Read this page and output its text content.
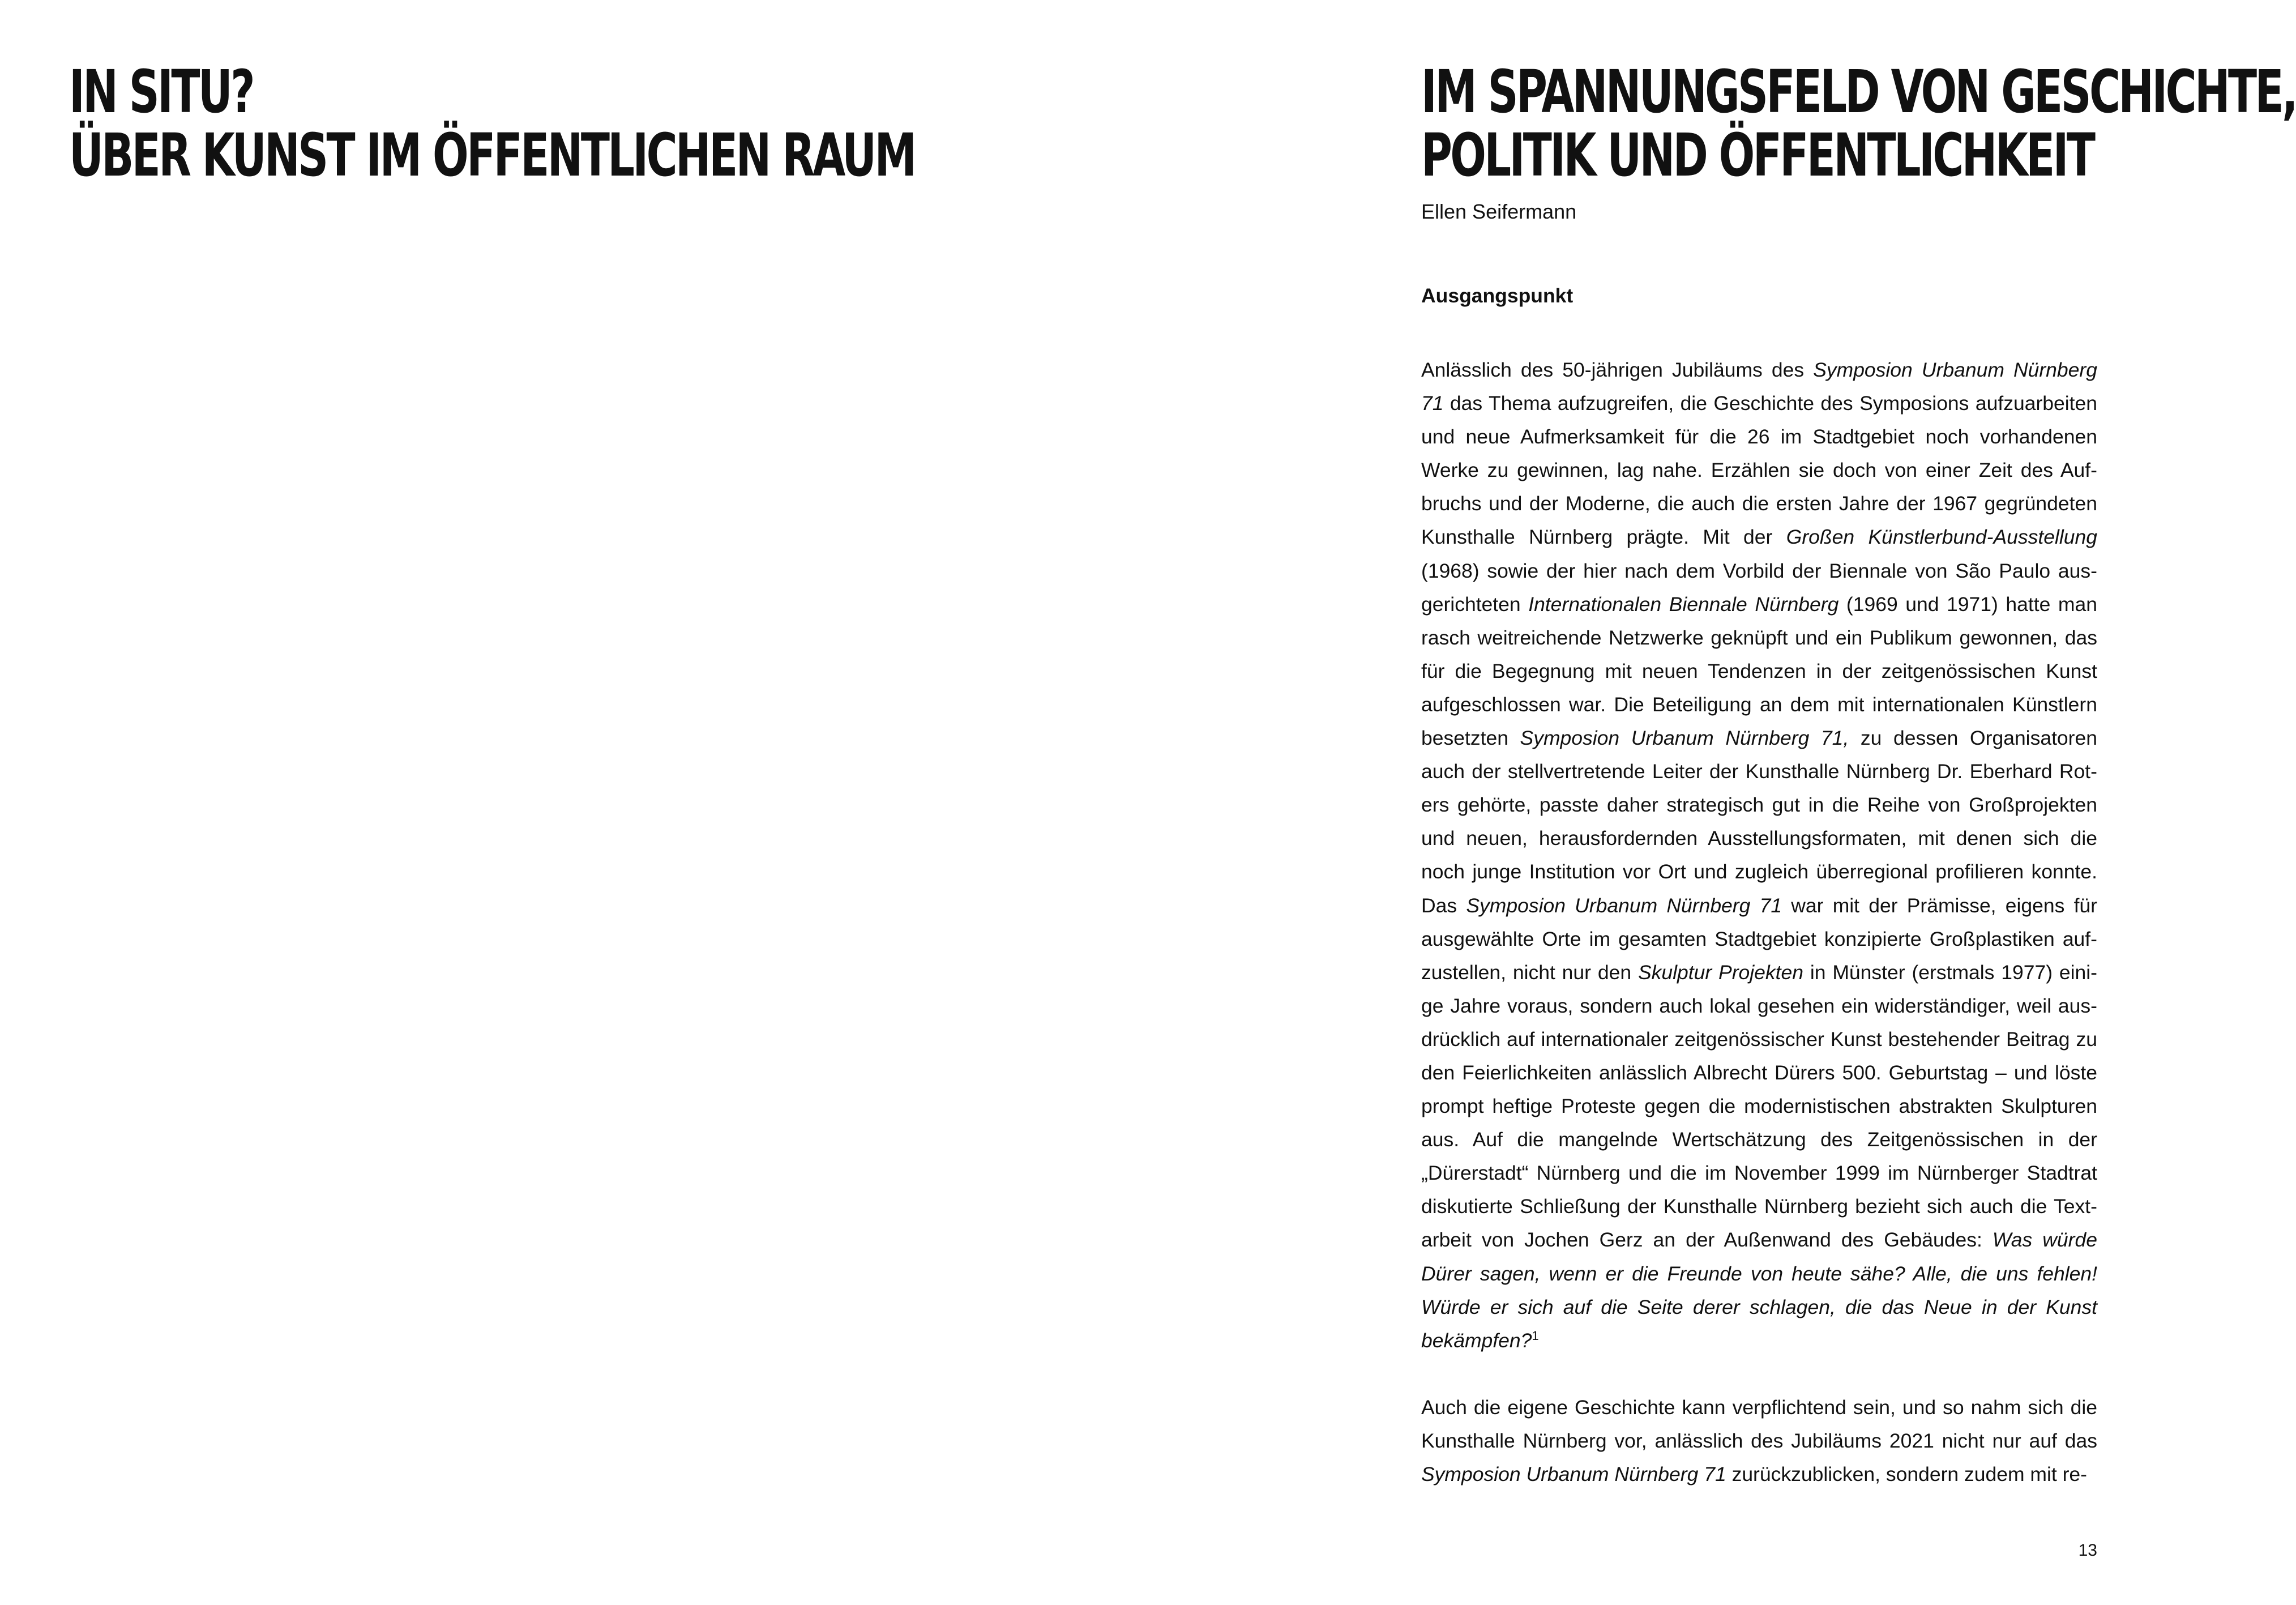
IN SITU?
ÜBER KUNST IM ÖFFENTLICHEN RAUM
IM SPANNUNGSFELD VON GESCHICHTE,
POLITIK UND ÖFFENTLICHKEIT

Ellen Seifermann

Ausgangspunkt

Anlässlich des 50-jährigen Jubiläums des Symposion Urbanum Nürnberg 71 das Thema aufzugreifen, die Geschichte des Symposions aufzuarbeiten und neue Aufmerksamkeit für die 26 im Stadtgebiet noch vorhandenen Werke zu gewinnen, lag nahe. Erzählen sie doch von einer Zeit des Aufbruchs und der Moderne, die auch die ersten Jahre der 1967 gegründeten Kunsthalle Nürnberg prägte. Mit der Großen Künstlerbund-Ausstellung (1968) sowie der hier nach dem Vorbild der Biennale von São Paulo ausgerichteten Internationalen Biennale Nürnberg (1969 und 1971) hatte man rasch weitreichende Netzwerke geknüpft und ein Publikum gewonnen, das für die Begegnung mit neuen Tendenzen in der zeitgenössischen Kunst aufgeschlossen war. Die Beteiligung an dem mit internationalen Künstlern besetzten Symposion Urbanum Nürnberg 71, zu dessen Organisatoren auch der stellvertretende Leiter der Kunsthalle Nürnberg Dr. Eberhard Roters gehörte, passte daher strategisch gut in die Reihe von Großprojekten und neuen, herausfordernden Ausstellungsformaten, mit denen sich die noch junge Institution vor Ort und zugleich überregional profilieren konnte. Das Symposion Urbanum Nürnberg 71 war mit der Prämisse, eigens für ausgewählte Orte im gesamten Stadtgebiet konzipierte Großplastiken aufzustellen, nicht nur den Skulptur Projekten in Münster (erstmals 1977) einige Jahre voraus, sondern auch lokal gesehen ein widerständiger, weil ausdrücklich auf internationaler zeitgenössischer Kunst bestehender Beitrag zu den Feierlichkeiten anlässlich Albrecht Dürers 500. Geburtstag – und löste prompt heftige Proteste gegen die modernistischen abstrakten Skulpturen aus. Auf die mangelnde Wertschätzung des Zeitgenössischen in der „Dürerstadt“ Nürnberg und die im November 1999 im Nürnberger Stadtrat diskutierte Schließung der Kunsthalle Nürnberg bezieht sich auch die Textarbeit von Jochen Gerz an der Außenwand des Gebäudes: Was würde Dürer sagen, wenn er die Freunde von heute sähe? Alle, die uns fehlen! Würde er sich auf die Seite derer schlagen, die das Neue in der Kunst bekämpfen?$^1$

Auch die eigene Geschichte kann verpflichtend sein, und so nahm sich die Kunsthalle Nürnberg vor, anlässlich des Jubiläums 2021 nicht nur auf das Symposion Urbanum Nürnberg 71 zurückzublicken, sondern zudem mit re-

13
